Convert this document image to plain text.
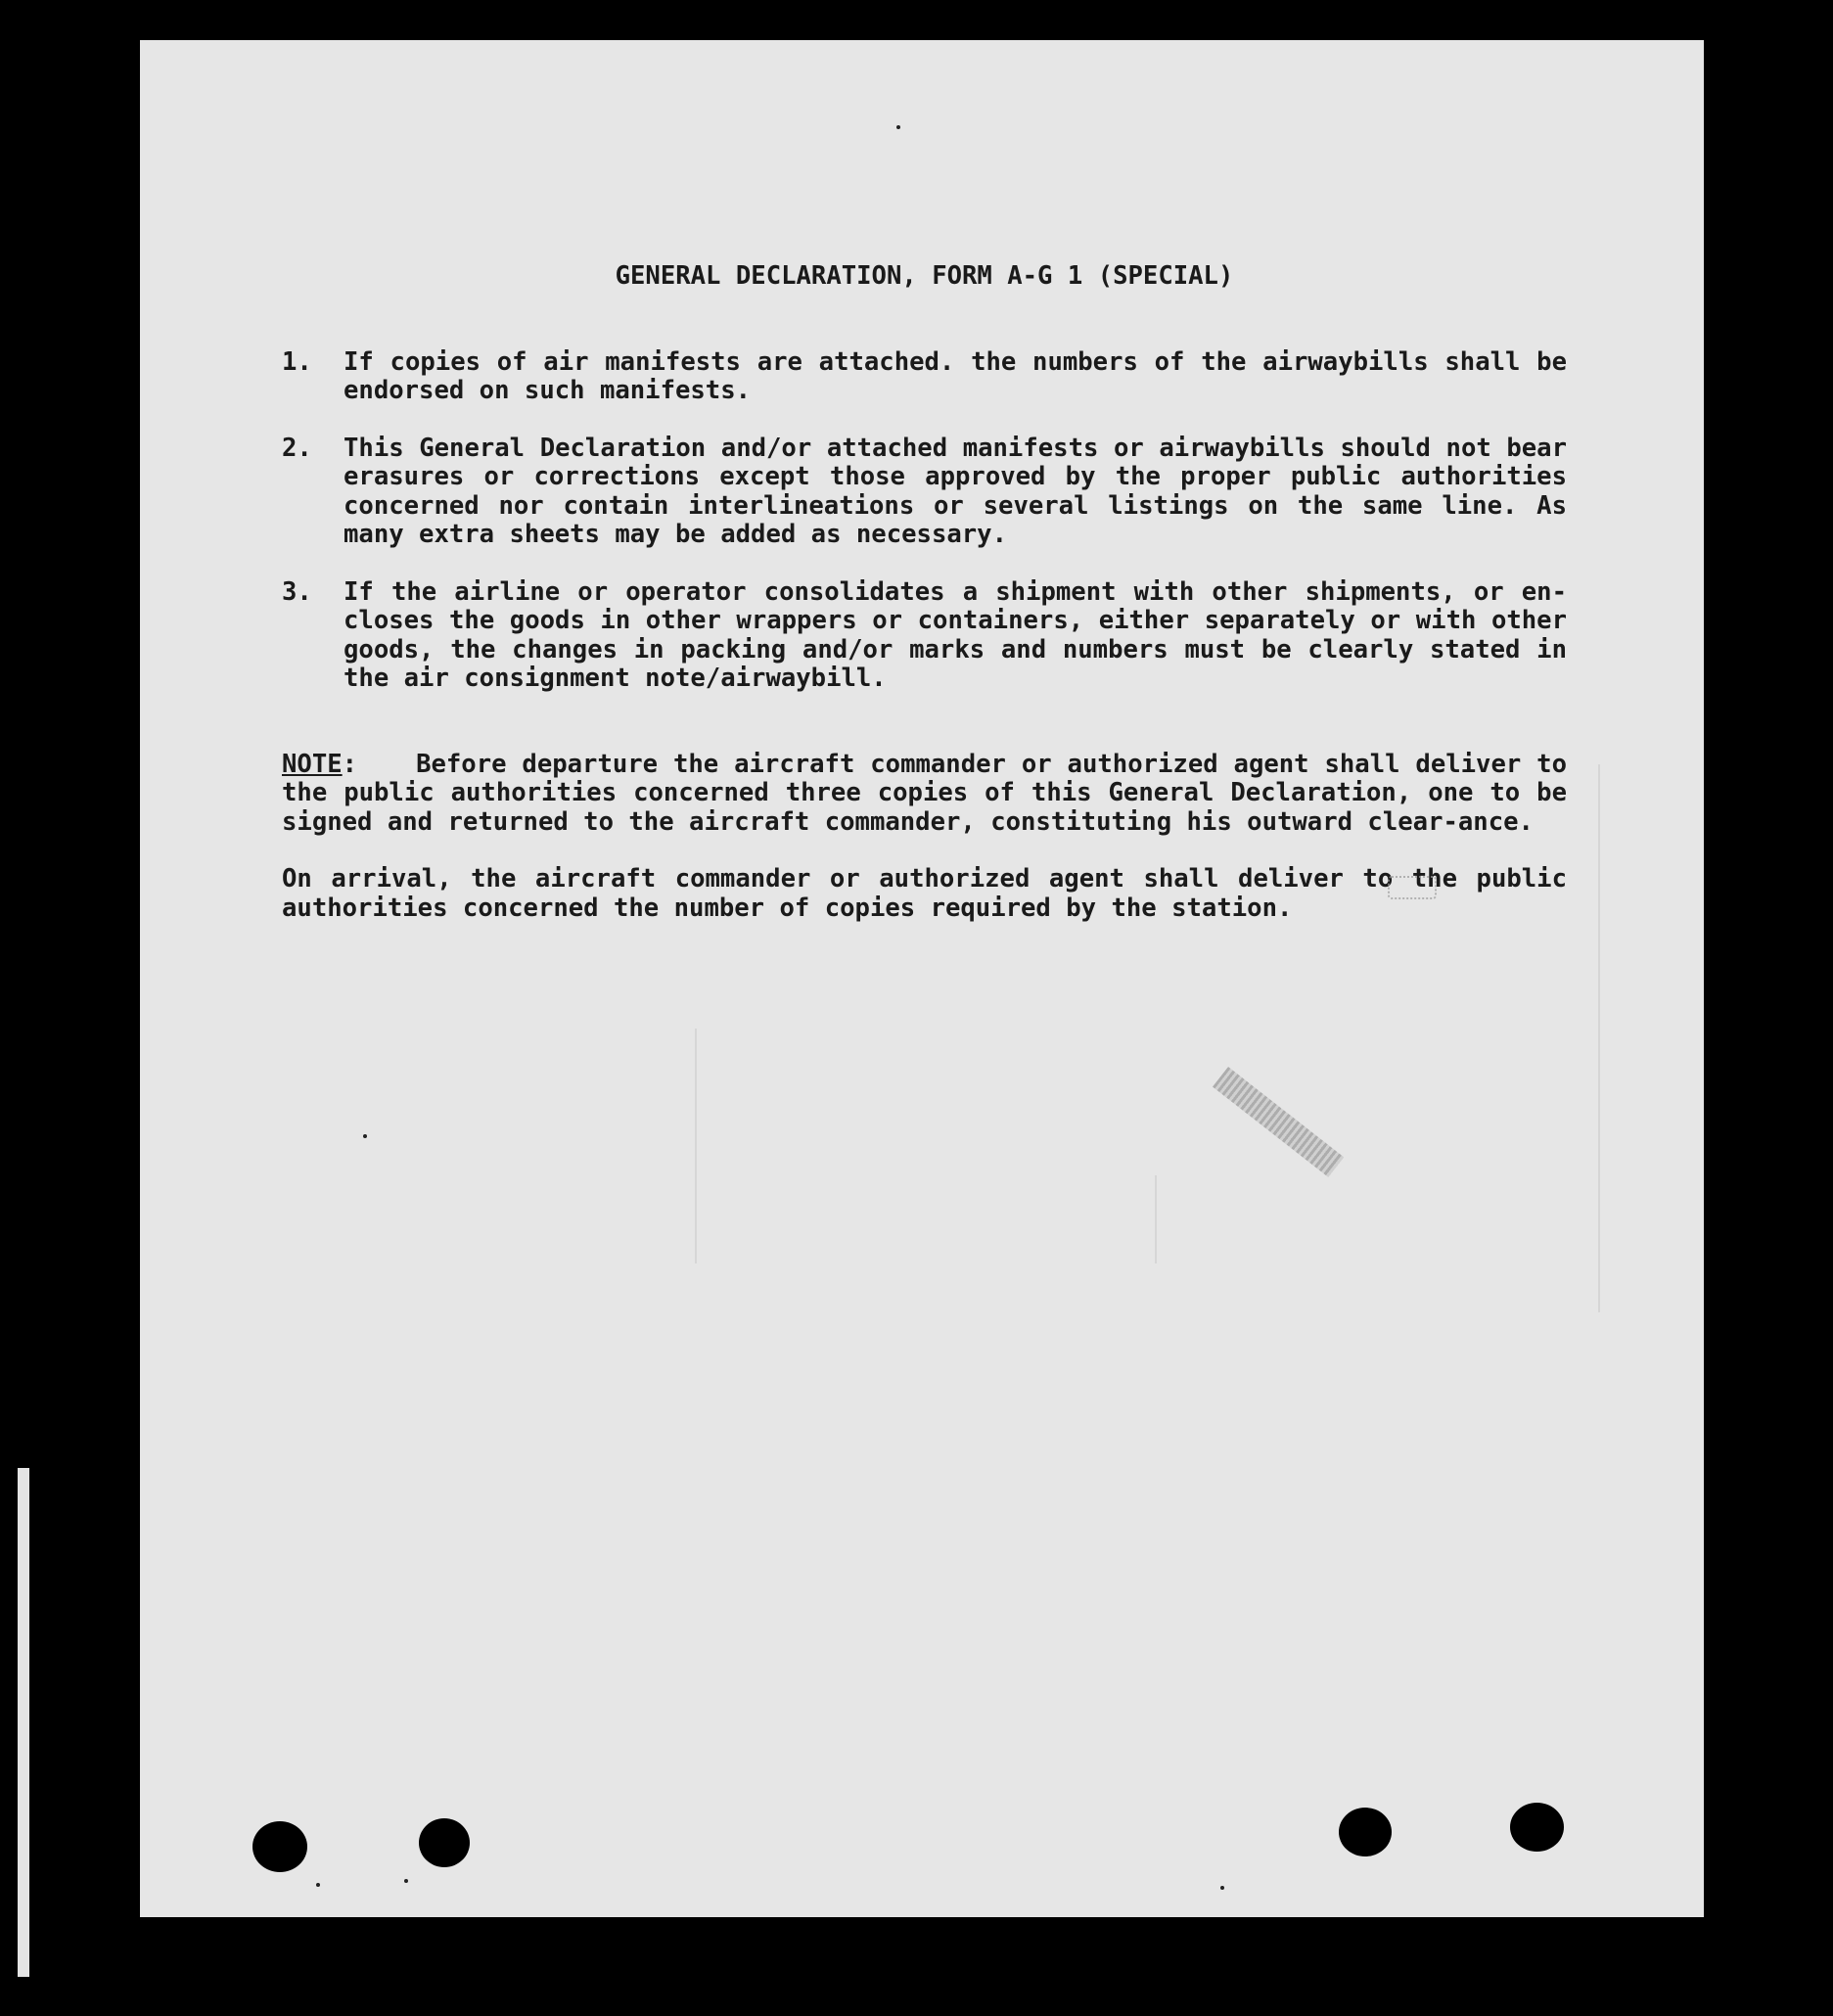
GENERAL DECLARATION, FORM A-G 1 (SPECIAL)
1.	If copies of air manifests are attached. the numbers of the airwaybills shall be endorsed on such manifests.
2.	This General Declaration and/or attached manifests or airwaybills should not bear erasures or corrections except those approved by the proper public authorities concerned nor contain interlineations or several listings on the same line. As many extra sheets may be added as necessary.
3.	If the airline or operator consolidates a shipment with other shipments, or en-closes the goods in other wrappers or containers, either separately or with other goods, the changes in packing and/or marks and numbers must be clearly stated in the air consignment note/airwaybill.
NOTE: Before departure the aircraft commander or authorized agent shall deliver to the public authorities concerned three copies of this General Declaration, one to be signed and returned to the aircraft commander, constituting his outward clear-ance.
On arrival, the aircraft commander or authorized agent shall deliver to the public authorities concerned the number of copies required by the station.
